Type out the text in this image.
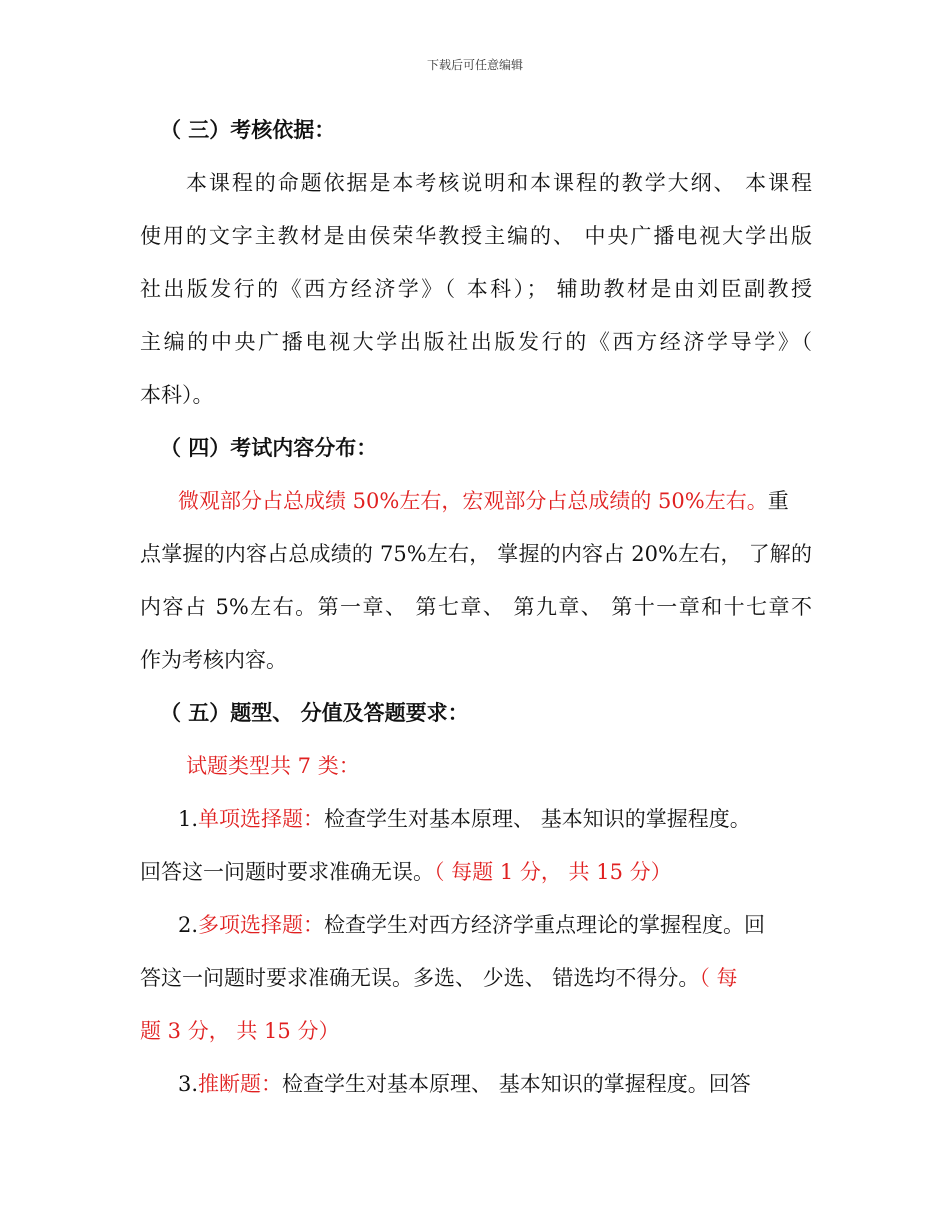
下载后可任意编辑
（ 三）考核依据：
本课程的命题依据是本考核说明和本课程的教学大纲、 本课程
使用的文字主教材是由侯荣华教授主编的、 中央广播电视大学出版
社出版发行的《西方经济学》（ 本科）； 辅助教材是由刘臣副教授
主编的中央广播电视大学出版社出版发行的《西方经济学导学》（
本科）。
（ 四）考试内容分布：
微观部分占总成绩 50%左右，宏观部分占总成绩的 50%左右。重
点掌握的内容占总成绩的 75%左右， 掌握的内容占 20%左右， 了解的
内容占 5%左右。第一章、 第七章、 第九章、 第十一章和十七章不
作为考核内容。
（ 五）题型、 分值及答题要求：
试题类型共 7 类：
1.单项选择题：检查学生对基本原理、 基本知识的掌握程度。
回答这一问题时要求准确无误。（ 每题 1 分， 共 15 分）
2.多项选择题：检查学生对西方经济学重点理论的掌握程度。回
答这一问题时要求准确无误。多选、 少选、 错选均不得分。（ 每
题 3 分， 共 15 分）
3.推断题：检查学生对基本原理、 基本知识的掌握程度。回答
